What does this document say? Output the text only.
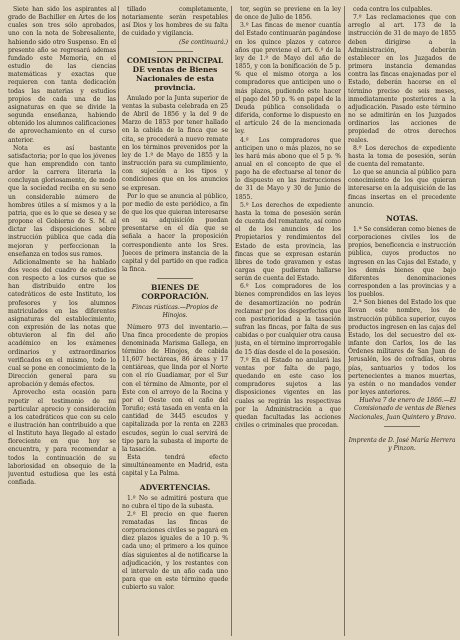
Siete han sido los aspirantes al grado de Bachiller en Artes de los cuales son tres sólo aprobados, uno con la nota de Sobresaliente, habiendo sido otro Suspenso. En el presente año se regresará ademas fundado este Memoria, en el estudio de las ciencias matemáticas y exactas que requieren con tanta dedicación todas las materias y estudios propios de cada una de las asignaturas en que se divide la segunda enseñanza, habiendo obtenido los alumnos calificaciones de aprovechamiento en el curso anterior.

Nota es así bastante satisfactoria; por lo que los jóvenes que han emprendido con tanto ardor la carrera literaria la concluyan gloriosamente, de modo que la sociedad reciba en su seno un considerable número de hombres útiles a sí mismos y a la patria, que es lo que se desea y se propone el Gobierno de S. M. al dictar las disposiciones sobre instrucción pública que cada día mejoran y perfeccionan la enseñanza en todos sus ramos.

Adicionalmente se ha hablado dos veces del cuadro de estudios con respecto a los cursos que se han distribuido entre los catedráticos de este Instituto, los profesores y los alumnos matriculados en las diferentes asignaturas del establecimiento, con expresión de las notas que obtuvieron al fin del año académico en los exámenes ordinarios y extraordinarios verificados en el mismo, todo lo cual se pone en conocimiento de la Dirección general para su aprobación y demás efectos.

Aprovecho esta ocasión para repetir el testimonio de mi particular aprecio y consideración a los catedráticos que con su celo e ilustración han contribuido a que el Instituto haya llegado al estado floreciente en que hoy se encuentra, y para recomendar a todos la continuación de su laboriosidad en obsequio de la juventud estudiosa que les está confiada.

tillado completamente, notariamente serán respetables así Dios y los hombres de su falta de cuidado y vigilancia.

(Se continuará.)

COMISION PRINCIPAL DE ventas de Bienes Nacionales de esta provincia.

Anulado por la Junta superior de ventas la subasta celebrada en 25 de Abril de 1856 y la del 9 de Marzo de 1853 por tener hallado en la cabida de la finca que se cita, se procederá a nuevo remate en los términos prevenidos por la ley de 1.º de Mayo de 1855 y la instrucción para su cumplimiento, con sujeción a los tipos y condiciones que en los anuncios se expresan.

Por lo que se anuncia al público, por medio de este periódico, a fin de que los que quieran interesarse en su adquisición puedan presentarse en el día que se señala a hacer la proposición correspondiente ante los Sres. Jueces de primera instancia de la capital y del partido en que radica la finca.

BIENES DE CORPORACIÓN.

Fincas rústicas.—Propios de Hinojos.

Número 973 del inventario.—Una finca procedente de propios denominada Marisma Gallega, en término de Hinojos, de cabida 11,607 hectáreas, 86 áreas y 17 centiáreas, que linda por el Norte con el río Guadiamar, por el Sur con el término de Almonte, por el Este con el arroyo de la Rocina y por el Oeste con el caño del Toruño; está tasada en venta en la cantidad de 3445 escudos y capitalizada por la renta en 2283 escudos, según lo cual servirá de tipo para la subasta el importe de la tasación.

Esta tendrá efecto simultáneamente en Madrid, esta capital y La Palma.

ADVERTENCIAS.

1.º No se admitirá postura que no cubra el tipo de la subasta.

2.º El precio en que fueren rematadas las fincas de corporaciones civiles se pagará en diez plazos iguales de a 10 p. % cada uno; el primero a los quince días siguientes al de notificarse la adjudicación, y los restantes con el intervalo de un año cada uno para que en este término quede cubierto su valor.

tor, según se previene en la ley de once de Julio de 1856.

3.º Las fincas de menor cuantía del Estado continuarán pagándose en los quince plazos y catorce años que previene el art. 6.º de la ley de 1.º de Mayo del año de 1855, y con la bonificación de 5 p. % que el mismo otorga a los compradores que anticipen uno o más plazos, pudiendo este hacer el pago del 50 p. % en papel de la Deuda pública consolidada o diferida, conforme lo dispuesto en el artículo 24 de la mencionada ley.

4.º Los compradores que anticipen uno o más plazos, no se les hará más abono que el 5 p. % anual en el concepto de que el pago ha de efectuarse al tenor de lo dispuesto en las instrucciones de 31 de Mayo y 30 de Junio de 1855.

5.º Los derechos de expediente hasta la toma de posesión serán de cuenta del rematante, así como el de los anuncios de los Propietarios y rendimientos del Estado de esta provincia, las fincas que se expresan estarán libres de todo gravamen y estas cargas que pudieran hallarse serán de cuenta del Estado.

6.º Los compradores de los bienes comprendidos en las leyes de desamortización no podrán reclamar por los desperfectos que con posterioridad a la tasación sufran las fincas, por falta de sus cabidas o por cualquier otra causa justa, en el término improrrogable de 15 días desde el de la posesión.

7.º En el Estado no anulará las ventas por falta de pago, quedando en este caso los compradores sujetos a las disposiciones vigentes en las cuales se regirán las respectivas por la Administración a que quedan facultadas las acciones civiles o criminales que procedan.

ceda contra los culpables.

7.º Las reclamaciones que con arreglo al art. 173 de la instrucción de 31 de mayo de 1855 deben dirigirse a la Administración, deberán establecer en los Juzgados de primera instancia demandas contra las fincas enajenadas por el Estado, deberán hacerse en el término preciso de seis meses, inmediatamente posteriores a la adjudicación. Pasado este término no se admitirán en los Juzgados ordinarios las acciones de propiedad de otros derechos reales.

8.º Los derechos de expediente hasta la toma de posesión, serán de cuenta del rematante.

Lo que se anuncia al público para conocimiento de los que quieran interesarse en la adquisición de las fincas insertas en el precedente anuncio.

NOTAS.

1.ª Se consideran como bienes de corporaciones civiles los de propios, beneficencia e instrucción pública, cuyos productos no ingresen en las Cajas del Estado, y los demás bienes que bajo diferentes denominaciones corresponden a las provincias y a los pueblos.

2.ª Son bienes del Estado los que llevan este nombre, los de instrucción pública superior, cuyos productos ingresen en las cajas del Estado, los del secuestro del ex-infante don Carlos, los de las Órdenes militares de San Juan de Jerusalén, los de cofradías, obras pías, santuarios y todos los pertenecientes a manos muertas, ya estén o no mandados vender por leyes anteriores.

Huelva 7 de enero de 1866.—El Comisionado de ventas de Bienes Nacionales, Juan Quintero y Bravo.

Imprenta de D. José María Herrera y Pinzon.
